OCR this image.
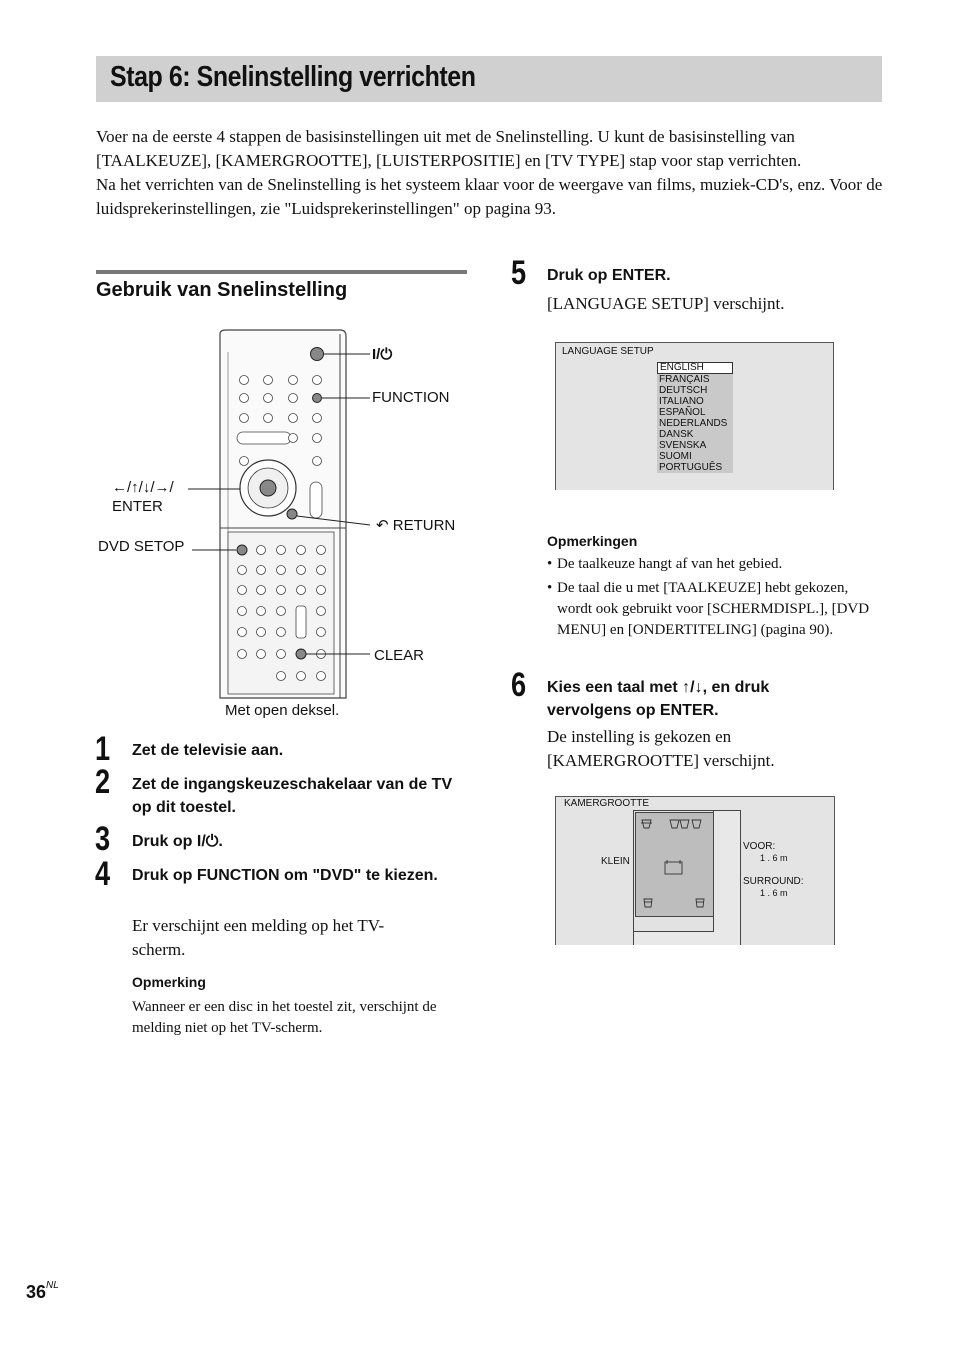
Stap 6: Snelinstelling verrichten
Voer na de eerste 4 stappen de basisinstellingen uit met de Snelinstelling. U kunt de basisinstelling van [TAALKEUZE], [KAMERGROOTTE], [LUISTERPOSITIE] en [TV TYPE] stap voor stap verrichten.
Na het verrichten van de Snelinstelling is het systeem klaar voor de weergave van films, muziek-CD's, enz. Voor de luidsprekerinstellingen, zie "Luidsprekerinstellingen" op pagina 93.
Gebruik van Snelinstelling
I/⏻
FUNCTION
←/↑/↓/→/
ENTER
↶ RETURN
DVD SETOP
CLEAR
Met open deksel.
1 Zet de televisie aan.
2 Zet de ingangskeuzeschakelaar van de TV op dit toestel.
3 Druk op I/⏻.
4 Druk op FUNCTION om "DVD" te kiezen.
Er verschijnt een melding op het TV-scherm.
Opmerking
Wanneer er een disc in het toestel zit, verschijnt de melding niet op het TV-scherm.
5 Druk op ENTER.
[LANGUAGE SETUP] verschijnt.
LANGUAGE SETUP
ENGLISH
FRANÇAIS
DEUTSCH
ITALIANO
ESPAÑOL
NEDERLANDS
DANSK
SVENSKA
SUOMI
PORTUGUÊS
Opmerkingen
• De taalkeuze hangt af van het gebied.
• De taal die u met [TAALKEUZE] hebt gekozen, wordt ook gebruikt voor [SCHERMDISPL.], [DVD MENU] en [ONDERTITELING] (pagina 90).
6 Kies een taal met ↑/↓, en druk vervolgens op ENTER.
De instelling is gekozen en [KAMERGROOTTE] verschijnt.
KAMERGROOTTE
KLEIN
VOOR:
1 . 6 m
SURROUND:
1 . 6 m
$36^{NL}$
